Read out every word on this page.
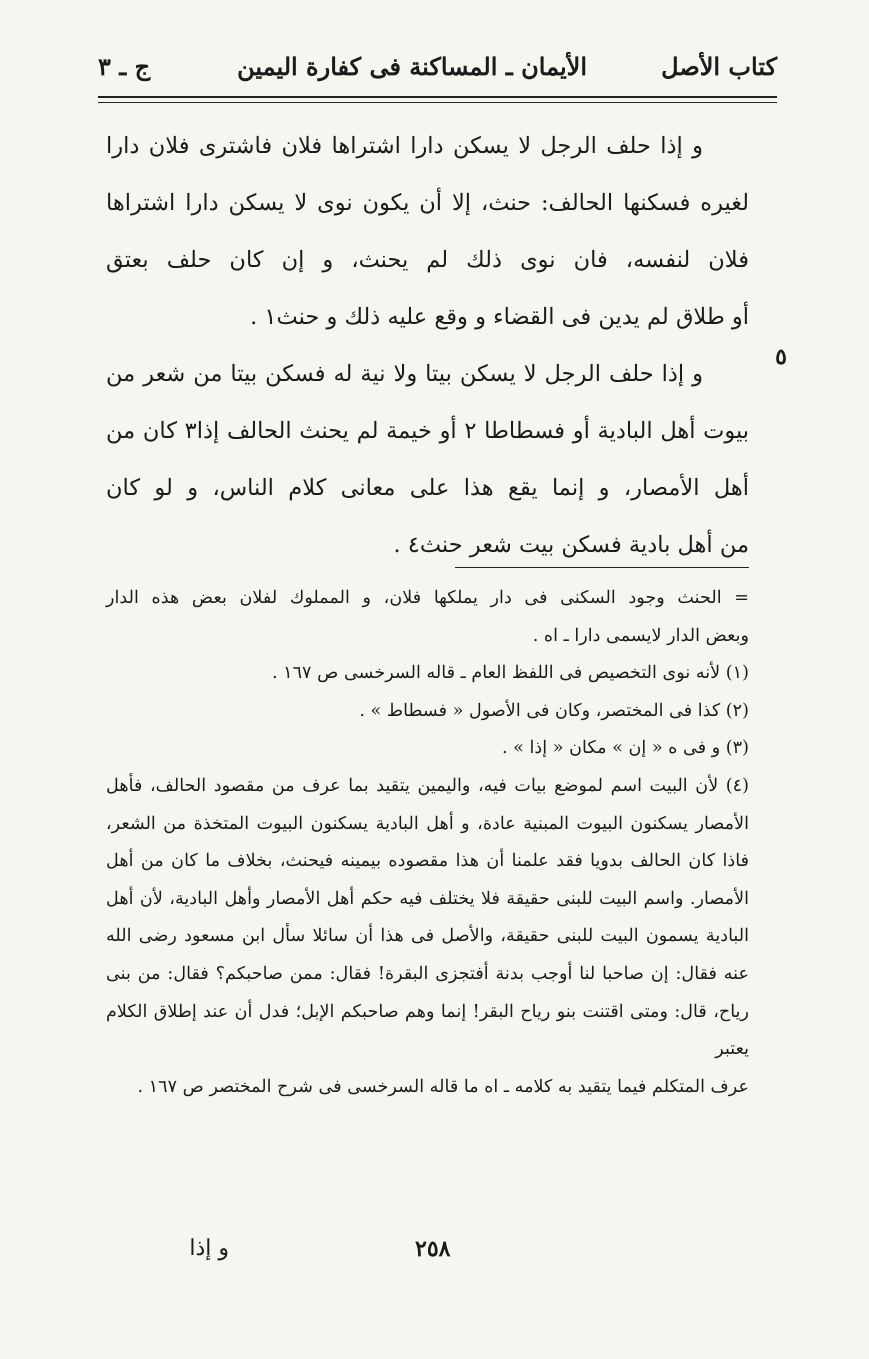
كتاب الأصل
الأيمان ـ المساكنة فى كفارة اليمين
ج ـ ٣

و إذا حلف الرجل لا يسكن دارا اشتراها فلان فاشترى فلان دارا لغيره فسكنها الحالف: حنث، إلا أن يكون نوى لا يسكن دارا اشتراها فلان لنفسه، فان نوى ذلك لم يحنث، و إن كان حلف بعتق

أو طلاق لم يدين فى القضاء و وقع عليه ذلك و حنث١ .

و إذا حلف الرجل لا يسكن بيتا ولا نية له فسكن بيتا من شعر من بيوت أهل البادية أو فسطاطا ٢ أو خيمة لم يحنث الحالف إذا٣ كان من أهل الأمصار، و إنما يقع هذا على معانى كلام الناس، و لو كان

من أهل بادية فسكن بيت شعر حنث٤ .

٥

= الحنث وجود السكنى فى دار يملكها فلان، و المملوك لفلان بعض هذه الدار

وبعض الدار لايسمى دارا ـ اه .

(١) لأنه نوى التخصيص فى اللفظ العام ـ قاله السرخسى ص ١٦٧ .

(٢) كذا فى المختصر، وكان فى الأصول « فسطاط » .

(٣) و فى ه « إن » مكان « إذا » .

(٤) لأن البيت اسم لموضع بيات فيه، واليمين يتقيد بما عرف من مقصود الحالف، فأهل الأمصار يسكنون البيوت المبنية عادة، و أهل البادية يسكنون البيوت المتخذة من الشعر، فاذا كان الحالف بدويا فقد علمنا أن هذا مقصوده بيمينه فيحنث، بخلاف ما كان من أهل الأمصار. واسم البيت للبنى حقيقة فلا يختلف فيه حكم أهل الأمصار وأهل البادية، لأن أهل البادية يسمون البيت للبنى حقيقة، والأصل فى هذا أن سائلا سأل ابن مسعود رضى الله عنه فقال: إن صاحبا لنا أوجب بدنة أفتجزى البقرة! فقال: ممن صاحبكم؟ فقال: من بنى رياح، قال: ومتى اقتنت بنو رياح البقر! إنما وهم صاحبكم الإبل؛ فدل أن عند إطلاق الكلام يعتبر

عرف المتكلم فيما يتقيد به كلامه ـ اه ما قاله السرخسى فى شرح المختصر ص ١٦٧ .

و إذا	٢٥٨
